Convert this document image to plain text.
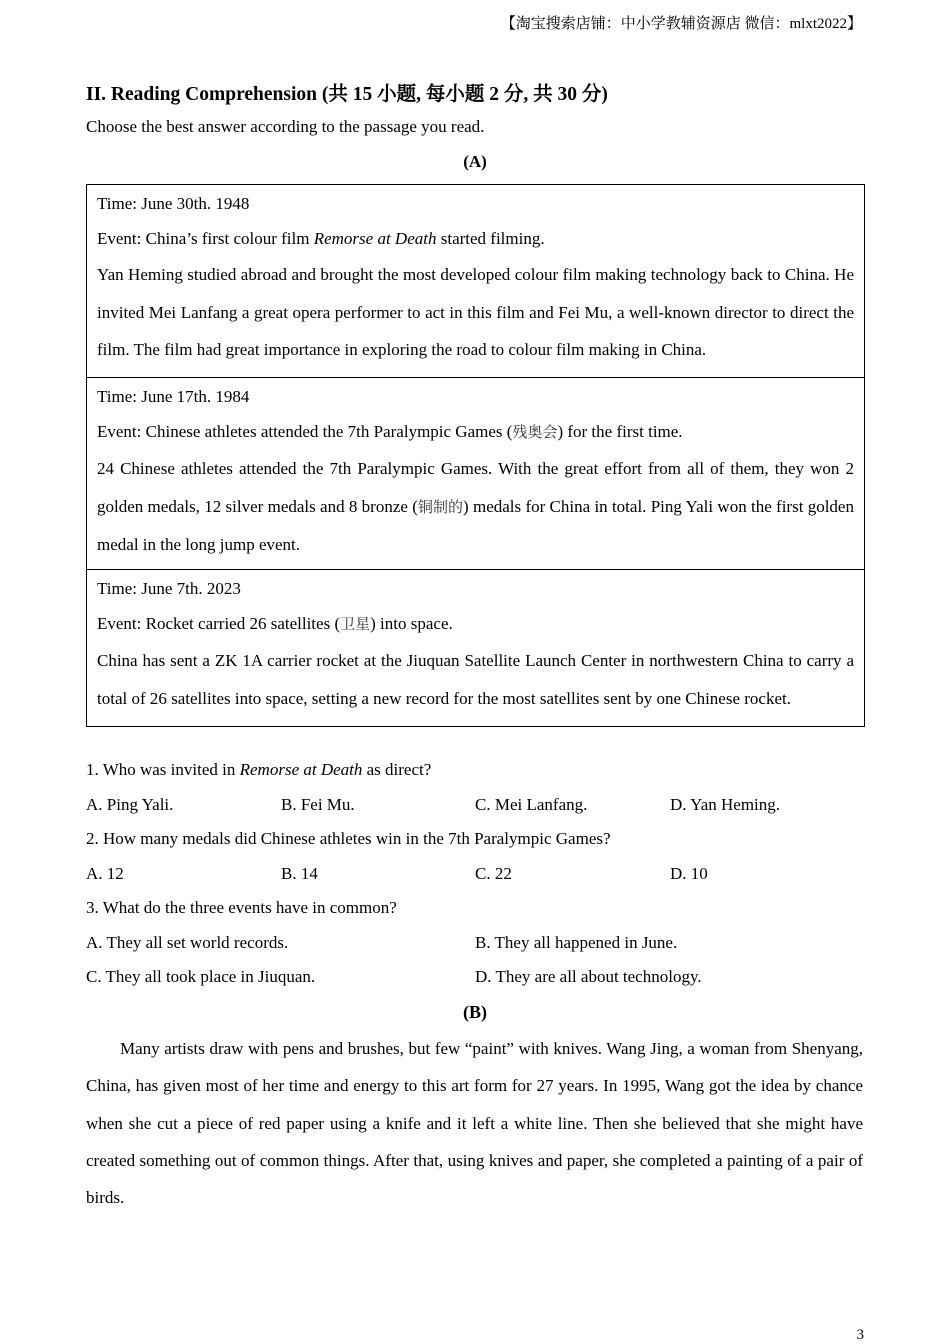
【淘宝搜索店铺：中小学教辅资源店 微信：mlxt2022】
II. Reading Comprehension (共 15 小题, 每小题 2 分, 共 30 分)
Choose the best answer according to the passage you read.
(A)
Time: June 30th. 1948
Event: China’s first colour film Remorse at Death started filming.
Yan Heming studied abroad and brought the most developed colour film making technology back to China. He invited Mei Lanfang a great opera performer to act in this film and Fei Mu, a well-known director to direct the film. The film had great importance in exploring the road to colour film making in China.
Time: June 17th. 1984
Event: Chinese athletes attended the 7th Paralympic Games (残奥会) for the first time.
24 Chinese athletes attended the 7th Paralympic Games. With the great effort from all of them, they won 2 golden medals, 12 silver medals and 8 bronze (铜制的) medals for China in total. Ping Yali won the first golden medal in the long jump event.
Time: June 7th. 2023
Event: Rocket carried 26 satellites (卫星) into space.
China has sent a ZK 1A carrier rocket at the Jiuquan Satellite Launch Center in northwestern China to carry a total of 26 satellites into space, setting a new record for the most satellites sent by one Chinese rocket.
1. Who was invited in Remorse at Death as direct?
A. Ping Yali.	B. Fei Mu.	C. Mei Lanfang.	D. Yan Heming.
2. How many medals did Chinese athletes win in the 7th Paralympic Games?
A. 12	B. 14	C. 22	D. 10
3. What do the three events have in common?
A. They all set world records.	B. They all happened in June.
C. They all took place in Jiuquan.	D. They are all about technology.
(B)
Many artists draw with pens and brushes, but few “paint” with knives. Wang Jing, a woman from Shenyang, China, has given most of her time and energy to this art form for 27 years. In 1995, Wang got the idea by chance when she cut a piece of red paper using a knife and it left a white line. Then she believed that she might have created something out of common things. After that, using knives and paper, she completed a painting of a pair of birds.
3
